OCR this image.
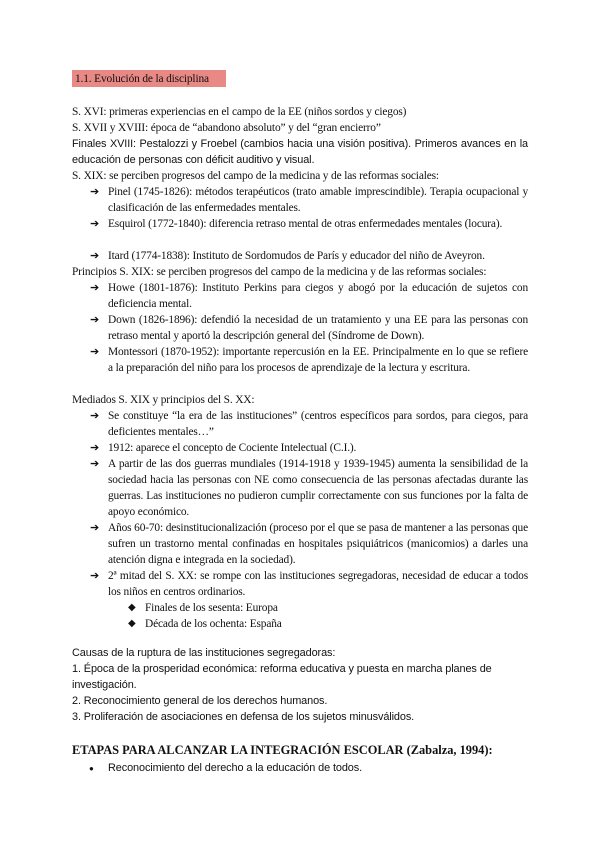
1.1. Evolución de la disciplina
S. XVI: primeras experiencias en el campo de la EE (niños sordos y ciegos)
S. XVII y XVIII: época de “abandono absoluto” y del “gran encierro”
Finales XVIII: Pestalozzi y Froebel (cambios hacia una visión positiva). Primeros avances en la educación de personas con déficit auditivo y visual.
S. XIX: se perciben progresos del campo de la medicina y de las reformas sociales:
➔ Pinel (1745-1826): métodos terapéuticos (trato amable imprescindible). Terapia ocupacional y clasificación de las enfermedades mentales.
➔ Esquirol (1772-1840): diferencia retraso mental de otras enfermedades mentales (locura).
➔ Itard (1774-1838): Instituto de Sordomudos de París y educador del niño de Aveyron.
Principios S. XIX: se perciben progresos del campo de la medicina y de las reformas sociales:
➔ Howe (1801-1876): Instituto Perkins para ciegos y abogó por la educación de sujetos con deficiencia mental.
➔ Down (1826-1896): defendió la necesidad de un tratamiento y una EE para las personas con retraso mental y aportó la descripción general del (Síndrome de Down).
➔ Montessori (1870-1952): importante repercusión en la EE. Principalmente en lo que se refiere a la preparación del niño para los procesos de aprendizaje de la lectura y escritura.
Mediados S. XIX y principios del S. XX:
➔ Se constituye “la era de las instituciones” (centros específicos para sordos, para ciegos, para deficientes mentales…”
➔ 1912: aparece el concepto de Cociente Intelectual (C.I.).
➔ A partir de las dos guerras mundiales (1914-1918 y 1939-1945) aumenta la sensibilidad de la sociedad hacia las personas con NE como consecuencia de las personas afectadas durante las guerras. Las instituciones no pudieron cumplir correctamente con sus funciones por la falta de apoyo económico.
➔ Años 60-70: desinstitucionalización (proceso por el que se pasa de mantener a las personas que sufren un trastorno mental confinadas en hospitales psiquiátricos (manicomios) a darles una atención digna e integrada en la sociedad).
➔ 2ª mitad del S. XX: se rompe con las instituciones segregadoras, necesidad de educar a todos los niños en centros ordinarios.
◆ Finales de los sesenta: Europa
◆ Década de los ochenta: España
Causas de la ruptura de las instituciones segregadoras:
1. Época de la prosperidad económica: reforma educativa y puesta en marcha planes de investigación.
2. Reconocimiento general de los derechos humanos.
3. Proliferación de asociaciones en defensa de los sujetos minusválidos.
ETAPAS PARA ALCANZAR LA INTEGRACIÓN ESCOLAR (Zabalza, 1994):
● Reconocimiento del derecho a la educación de todos.
